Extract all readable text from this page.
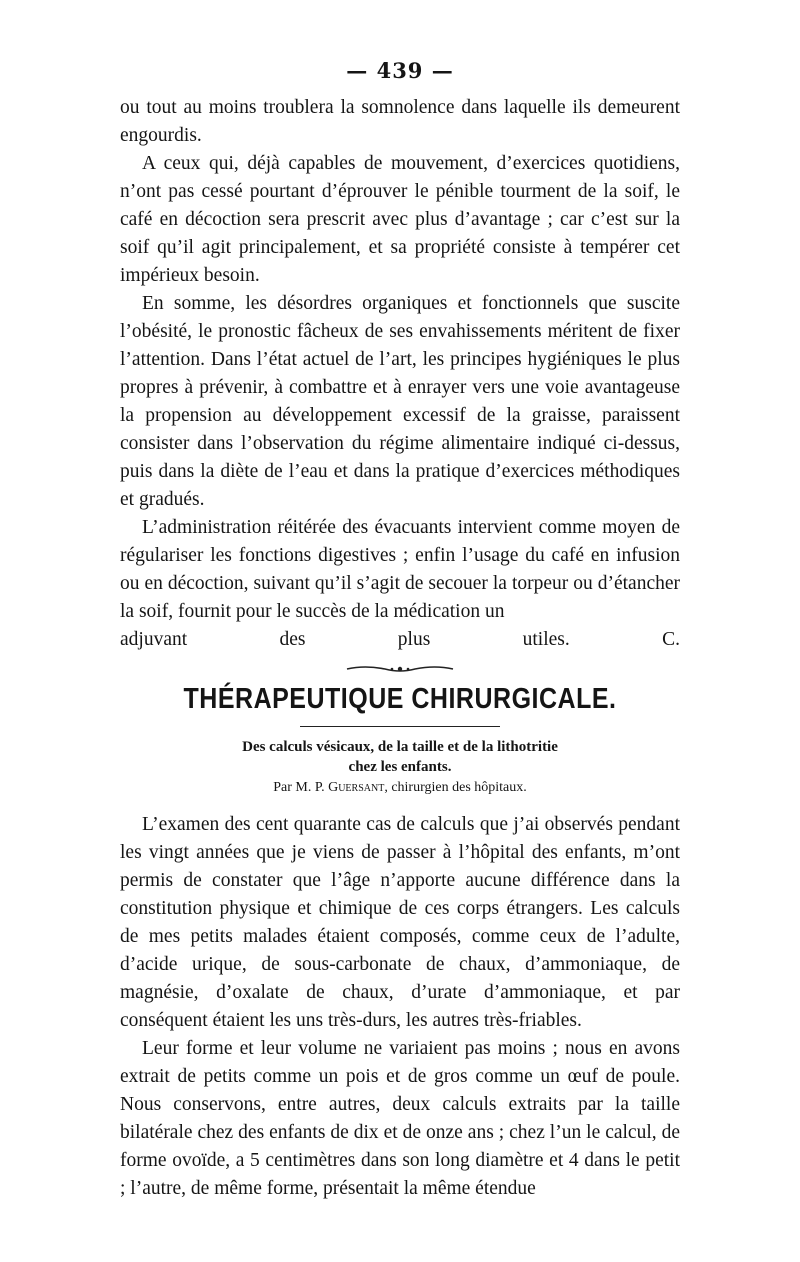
— 439 —

ou tout au moins troublera la somnolence dans laquelle ils demeurent engourdis.

A ceux qui, déjà capables de mouvement, d’exercices quotidiens, n’ont pas cessé pourtant d’éprouver le pénible tourment de la soif, le café en décoction sera prescrit avec plus d’avantage ; car c’est sur la soif qu’il agit principalement, et sa propriété consiste à tempérer cet impérieux besoin.

En somme, les désordres organiques et fonctionnels que suscite l’obésité, le pronostic fâcheux de ses envahissements méritent de fixer l’attention. Dans l’état actuel de l’art, les principes hygiéniques le plus propres à prévenir, à combattre et à enrayer vers une voie avantageuse la propension au développement excessif de la graisse, paraissent consister dans l’observation du régime alimentaire indiqué ci-dessus, puis dans la diète de l’eau et dans la pratique d’exercices méthodiques et gradués.

L’administration réitérée des évacuants intervient comme moyen de régulariser les fonctions digestives ; enfin l’usage du café en infusion ou en décoction, suivant qu’il s’agit de secouer la torpeur ou d’étancher la soif, fournit pour le succès de la médication un

adjuvant des plus utiles.	C.

THÉRAPEUTIQUE CHIRURGICALE.
Des calculs vésicaux, de la taille et de la lithotritie
chez les enfants.
Par M. P. Guersant, chirurgien des hôpitaux.

L’examen des cent quarante cas de calculs que j’ai observés pendant les vingt années que je viens de passer à l’hôpital des enfants, m’ont permis de constater que l’âge n’apporte aucune différence dans la constitution physique et chimique de ces corps étrangers. Les calculs de mes petits malades étaient composés, comme ceux de l’adulte, d’acide urique, de sous-carbonate de chaux, d’ammoniaque, de magnésie, d’oxalate de chaux, d’urate d’ammoniaque, et par conséquent étaient les uns très-durs, les autres très-friables.

Leur forme et leur volume ne variaient pas moins ; nous en avons extrait de petits comme un pois et de gros comme un œuf de poule. Nous conservons, entre autres, deux calculs extraits par la taille bilatérale chez des enfants de dix et de onze ans ; chez l’un le calcul, de forme ovoïde, a 5 centimètres dans son long diamètre et 4 dans le petit ; l’autre, de même forme, présentait la même étendue
